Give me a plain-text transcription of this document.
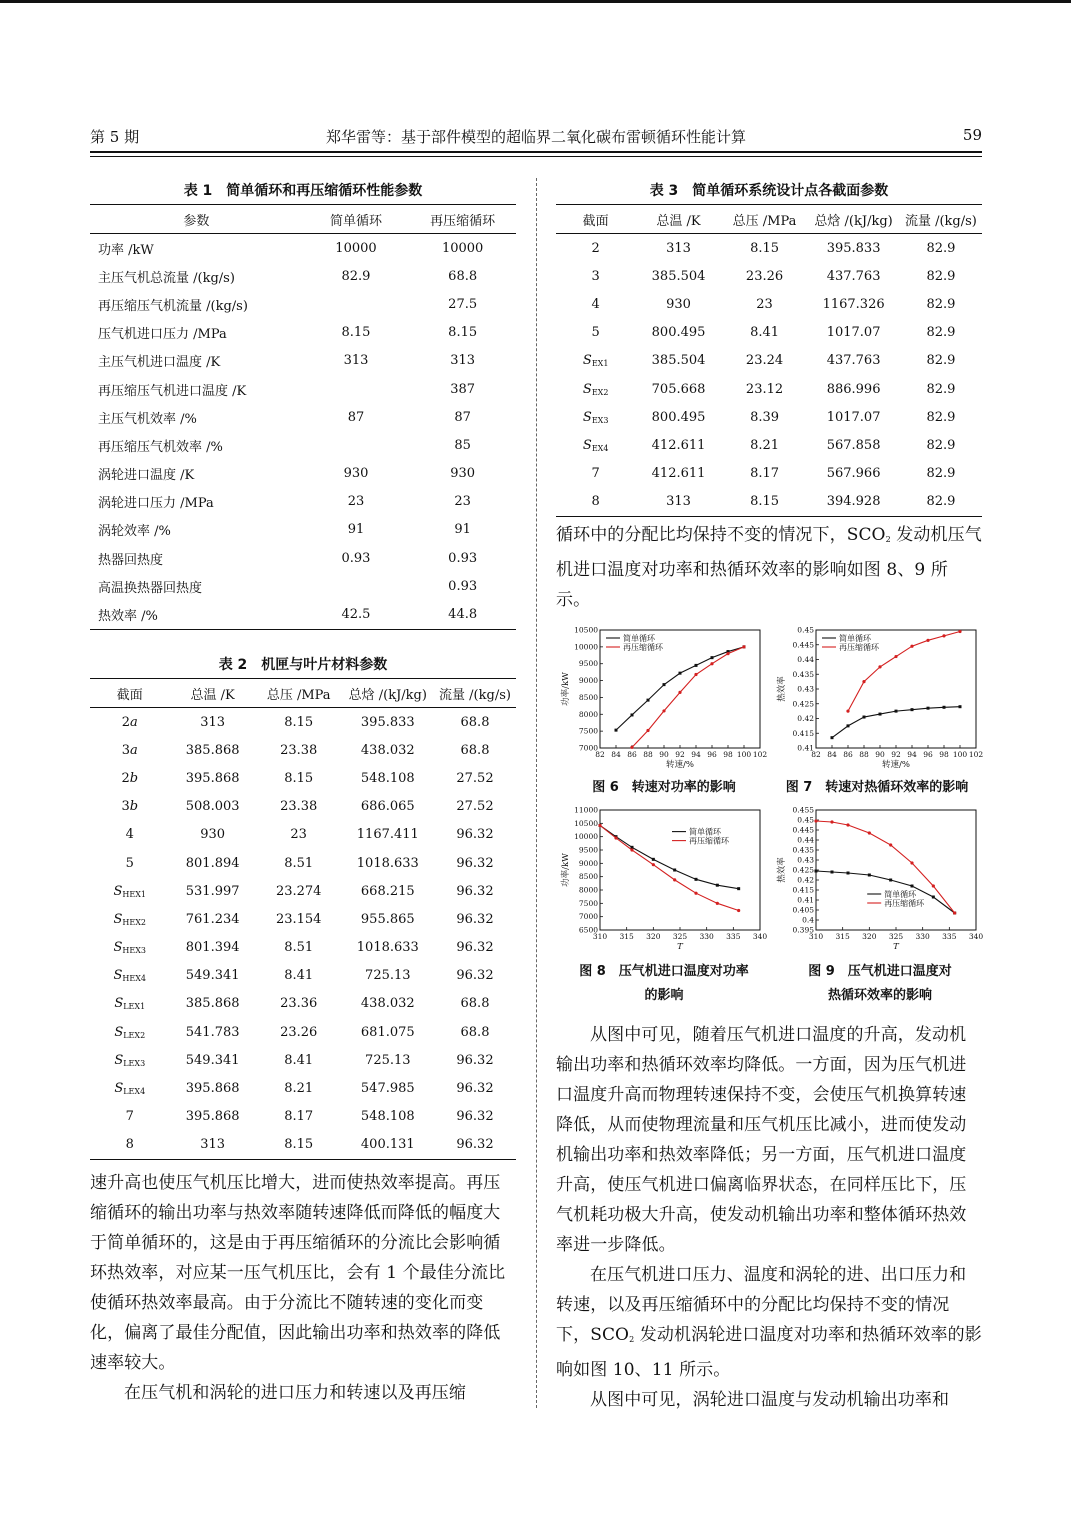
第 5 期	郑华雷等：基于部件模型的超临界二氧化碳布雷顿循环性能计算	59
表 1　简单循环和再压缩循环性能参数
参数	简单循环	再压缩循环
功率 /kW	10000	10000
主压气机总流量 /(kg/s)	82.9	68.8
再压缩压气机流量 /(kg/s)		27.5
压气机进口压力 /MPa	8.15	8.15
主压气机进口温度 /K	313	313
再压缩压气机进口温度 /K		387
主压气机效率 /%	87	87
再压缩压气机效率 /%		85
涡轮进口温度 /K	930	930
涡轮进口压力 /MPa	23	23
涡轮效率 /%	91	91
热器回热度	0.93	0.93
高温换热器回热度		0.93
热效率 /%	42.5	44.8
表 2　机匣与叶片材料参数
截面	总温 /K	总压 /MPa	总焓 /(kJ/kg)	流量 /(kg/s)
2a	313	8.15	395.833	68.8
3a	385.868	23.38	438.032	68.8
2b	395.868	8.15	548.108	27.52
3b	508.003	23.38	686.065	27.52
4	930	23	1167.411	96.32
5	801.894	8.51	1018.633	96.32
$S_{HEX1}$	531.997	23.274	668.215	96.32
$S_{HEX2}$	761.234	23.154	955.865	96.32
$S_{HEX3}$	801.394	8.51	1018.633	96.32
$S_{HEX4}$	549.341	8.41	725.13	96.32
$S_{LEX1}$	385.868	23.36	438.032	68.8
$S_{LEX2}$	541.783	23.26	681.075	68.8
$S_{LEX3}$	549.341	8.41	725.13	96.32
$S_{LEX4}$	395.868	8.21	547.985	96.32
7	395.868	8.17	548.108	96.32
8	313	8.15	400.131	96.32
表 3　简单循环系统设计点各截面参数
截面	总温 /K	总压 /MPa	总焓 /(kJ/kg)	流量 /(kg/s)
2	313	8.15	395.833	82.9
3	385.504	23.26	437.763	82.9
4	930	23	1167.326	82.9
5	800.495	8.41	1017.07	82.9
$S_{EX1}$	385.504	23.24	437.763	82.9
$S_{EX2}$	705.668	23.12	886.996	82.9
$S_{EX3}$	800.495	8.39	1017.07	82.9
$S_{EX4}$	412.611	8.21	567.858	82.9
7	412.611	8.17	567.966	82.9
8	313	8.15	394.928	82.9

速升高也使压气机压比增大，进而使热效率提高。再压缩循环的输出功率与热效率随转速降低而降低的幅度大于简单循环的，这是由于再压缩循环的分流比会影响循环热效率，对应某一压气机压比，会有 1 个最佳分流比使循环热效率最高。由于分流比不随转速的变化而变化，偏离了最佳分配值，因此输出功率和热效率的降低速率较大。

在压气机和涡轮的进口压力和转速以及再压缩

循环中的分配比均保持不变的情况下，$SCO_2$ 发动机压气机进口温度对功率和热循环效率的影响如图 8、9 所示。

82 84 86 88 90 92 94 96 98 100 102
7000
7500
8000
8500
9000
9500
10000
10500
转速/%
功率/kW
简单循环
再压缩循环
82 84 86 88 90 92 94 96 98 100 102
0.41
0.415
0.42
0.425
0.43
0.435
0.44
0.445
0.45
转速/%
热效率
简单循环
再压缩循环
310 315 320 325 330 335 340
6500
7000
7500
8000
8500
9000
9500
10000
10500
11000
T
功率/kW
简单循环
再压缩循环
310 315 320 325 330 335 340
0.395
0.4
0.405
0.41
0.415
0.42
0.425
0.43
0.435
0.44
0.445
0.45
0.455
T
热效率
简单循环
再压缩循环
图 6　转速对功率的影响	图 7　转速对热循环效率的影响
图 8　压气机进口温度对功率
的影响
图 9　压气机进口温度对
热循环效率的影响

从图中可见，随着压气机进口温度的升高，发动机输出功率和热循环效率均降低。一方面，因为压气机进口温度升高而物理转速保持不变，会使压气机换算转速降低，从而使物理流量和压气机压比减小，进而使发动机输出功率和热效率降低；另一方面，压气机进口温度升高，使压气机进口偏离临界状态，在同样压比下，压气机耗功极大升高，使发动机输出功率和整体循环热效率进一步降低。

在压气机进口压力、温度和涡轮的进、出口压力和转速，以及再压缩循环中的分配比均保持不变的情况下，$SCO_2$ 发动机涡轮进口温度对功率和热循环效率的影响如图 10、11 所示。

从图中可见，涡轮进口温度与发动机输出功率和
